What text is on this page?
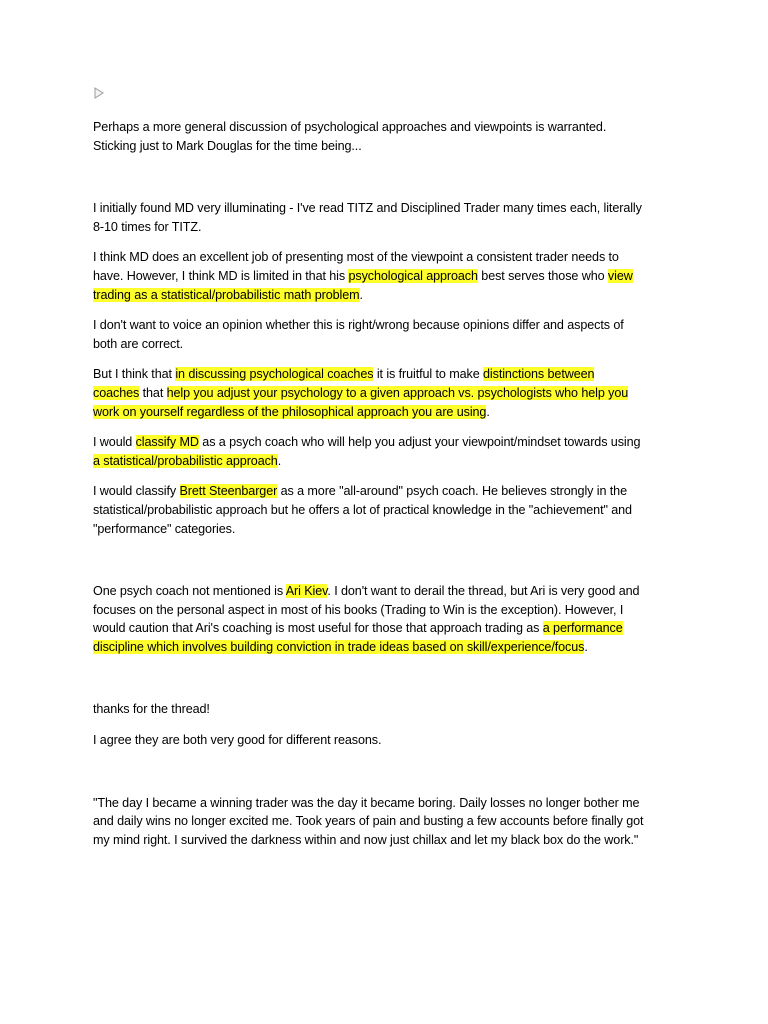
Perhaps a more general discussion of psychological approaches and viewpoints is warranted.
Sticking just to Mark Douglas for the time being...
I initially found MD very illuminating - I've read TITZ and Disciplined Trader many times each, literally
8-10 times for TITZ.
I think MD does an excellent job of presenting most of the viewpoint a consistent trader needs to
have. However, I think MD is limited in that his psychological approach best serves those who view
trading as a statistical/probabilistic math problem.
I don't want to voice an opinion whether this is right/wrong because opinions differ and aspects of
both are correct.
But I think that in discussing psychological coaches it is fruitful to make distinctions between
coaches that help you adjust your psychology to a given approach vs. psychologists who help you
work on yourself regardless of the philosophical approach you are using.
I would classify MD as a psych coach who will help you adjust your viewpoint/mindset towards using
a statistical/probabilistic approach.
I would classify Brett Steenbarger as a more "all-around" psych coach. He believes strongly in the
statistical/probabilistic approach but he offers a lot of practical knowledge in the "achievement" and
"performance" categories.
One psych coach not mentioned is Ari Kiev. I don't want to derail the thread, but Ari is very good and
focuses on the personal aspect in most of his books (Trading to Win is the exception). However, I
would caution that Ari's coaching is most useful for those that approach trading as a performance
discipline which involves building conviction in trade ideas based on skill/experience/focus.
thanks for the thread!
I agree they are both very good for different reasons.
"The day I became a winning trader was the day it became boring. Daily losses no longer bother me
and daily wins no longer excited me. Took years of pain and busting a few accounts before finally got
my mind right. I survived the darkness within and now just chillax and let my black box do the work."
